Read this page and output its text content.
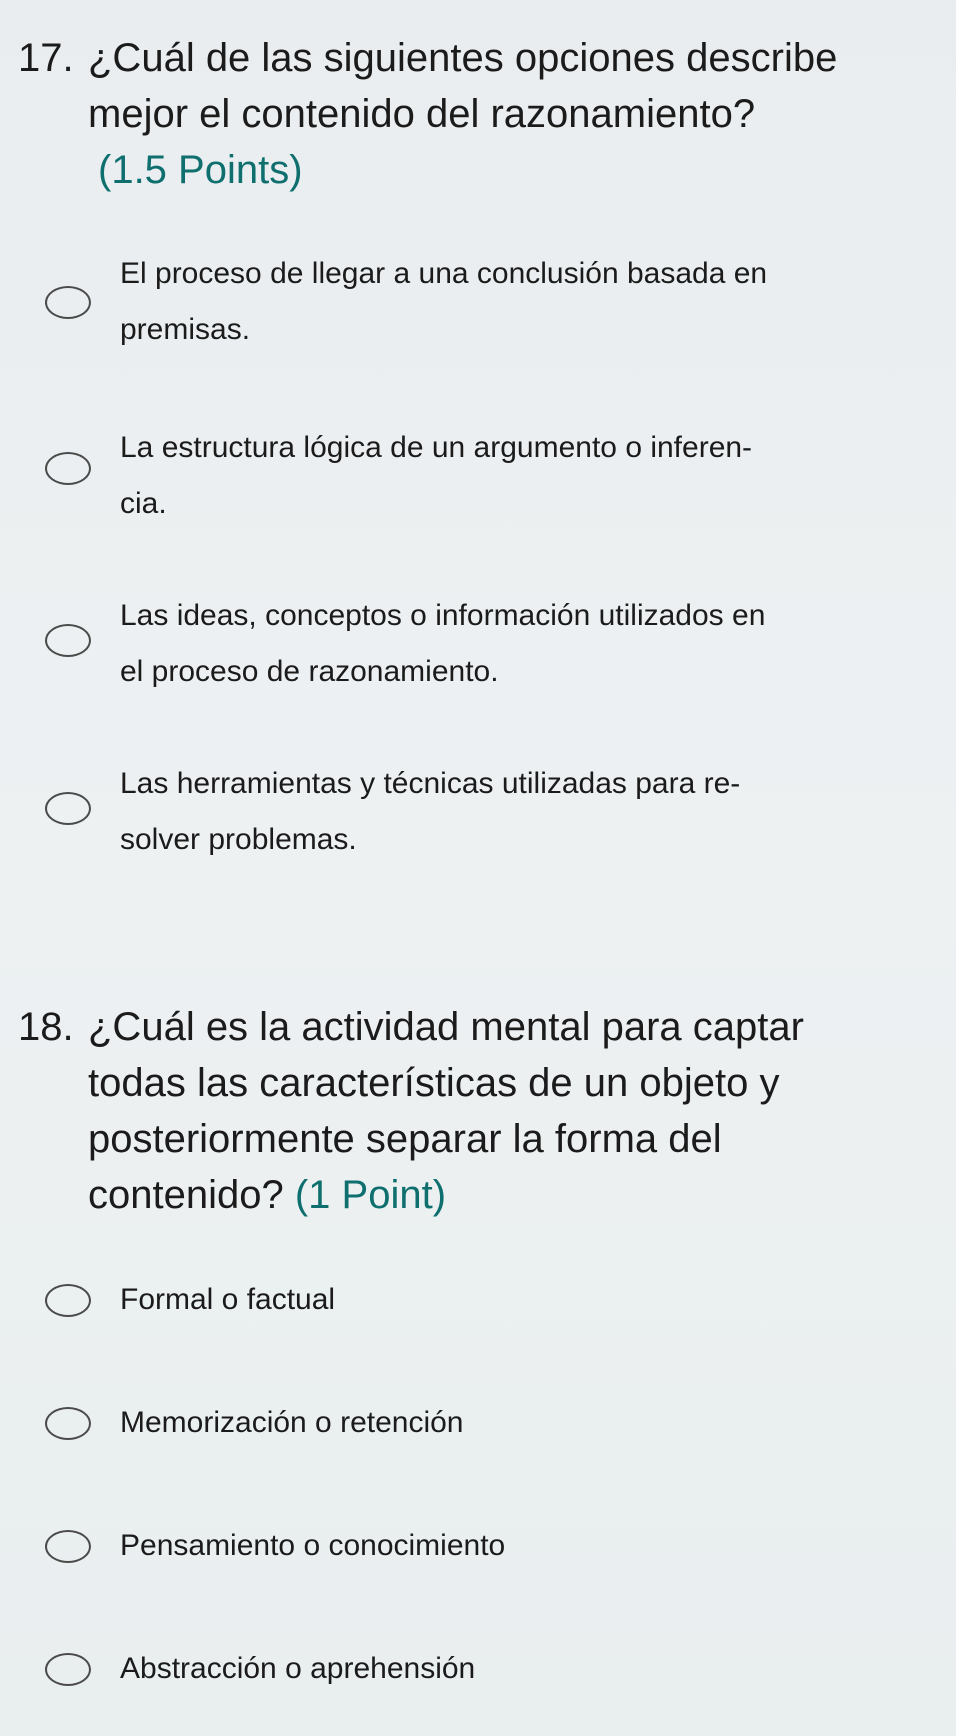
17. ¿Cuál de las siguientes opciones describe
mejor el contenido del razonamiento?
(1.5 Points)
El proceso de llegar a una conclusión basada en
premisas.
La estructura lógica de un argumento o inferen-
cia.
Las ideas, conceptos o información utilizados en
el proceso de razonamiento.
Las herramientas y técnicas utilizadas para re-
solver problemas.
18. ¿Cuál es la actividad mental para captar
todas las características de un objeto y
posteriormente separar la forma del
contenido? (1 Point)
Formal o factual
Memorización o retención
Pensamiento o conocimiento
Abstracción o aprehensión
